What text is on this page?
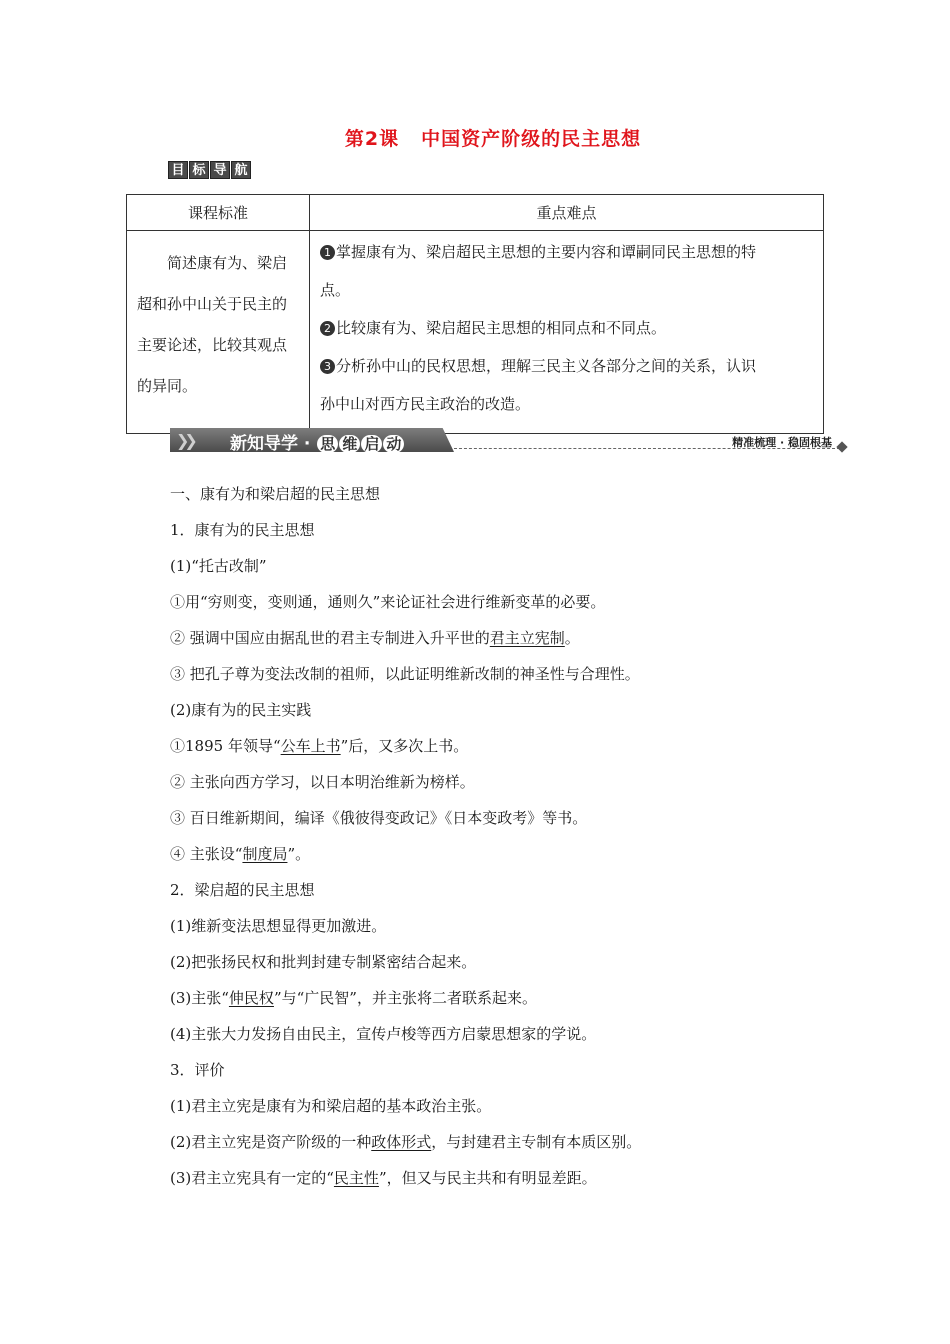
第2课 中国资产阶级的民主思想
目 标 导 航
课程标准	重点难点
简述康有为、梁启超和孙中山关于民主的主要论述，比较其观点的异同。	1 掌握康有为、梁启超民主思想的主要内容和谭嗣同民主思想的特

点。

2 比较康有为、梁启超民主思想的相同点和不同点。

3 分析孙中山的民权思想，理解三民主义各部分之间的关系，认识

孙中山对西方民主政治的改造。

❯❯ 新知导学 · 思 维 启 动	精准梳理 · 稳固根基

一、康有为和梁启超的民主思想

1．康有为的民主思想

(1)“托古改制”

①用“穷则变，变则通，通则久”来论证社会进行维新变革的必要。

② 强调中国应由据乱世的君主专制进入升平世的君主立宪制。

③ 把孔子尊为变法改制的祖师，以此证明维新改制的神圣性与合理性。

(2)康有为的民主实践

①1895 年领导“公车上书”后，又多次上书。

② 主张向西方学习，以日本明治维新为榜样。

③ 百日维新期间，编译《俄彼得变政记》《日本变政考》等书。

④ 主张设“制度局”。

2．梁启超的民主思想

(1)维新变法思想显得更加激进。

(2)把张扬民权和批判封建专制紧密结合起来。

(3)主张“伸民权”与“广民智”，并主张将二者联系起来。

(4)主张大力发扬自由民主，宣传卢梭等西方启蒙思想家的学说。

3．评价

(1)君主立宪是康有为和梁启超的基本政治主张。

(2)君主立宪是资产阶级的一种政体形式，与封建君主专制有本质区别。

(3)君主立宪具有一定的“民主性”，但又与民主共和有明显差距。
